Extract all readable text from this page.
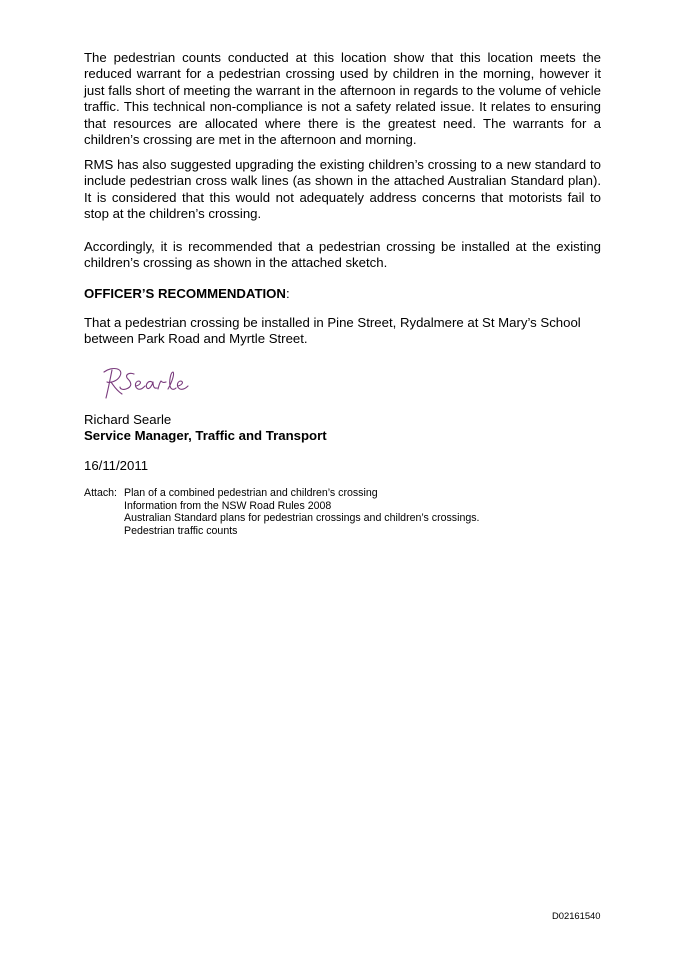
The pedestrian counts conducted at this location show that this location meets the reduced warrant for a pedestrian crossing used by children in the morning, however it just falls short of meeting the warrant in the afternoon in regards to the volume of vehicle traffic. This technical non-compliance is not a safety related issue. It relates to ensuring that resources are allocated where there is the greatest need. The warrants for a children’s crossing are met in the afternoon and morning.

RMS has also suggested upgrading the existing children’s crossing to a new standard to include pedestrian cross walk lines (as shown in the attached Australian Standard plan). It is considered that this would not adequately address concerns that motorists fail to stop at the children’s crossing.

Accordingly, it is recommended that a pedestrian crossing be installed at the existing children’s crossing as shown in the attached sketch.

OFFICER’S RECOMMENDATION:

That a pedestrian crossing be installed in Pine Street, Rydalmere at St Mary’s School between Park Road and Myrtle Street.

Richard Searle

Service Manager, Traffic and Transport

16/11/2011

Attach: Plan of a combined pedestrian and children’s crossing
Information from the NSW Road Rules 2008
Australian Standard plans for pedestrian crossings and children’s crossings.
Pedestrian traffic counts

D02161540
